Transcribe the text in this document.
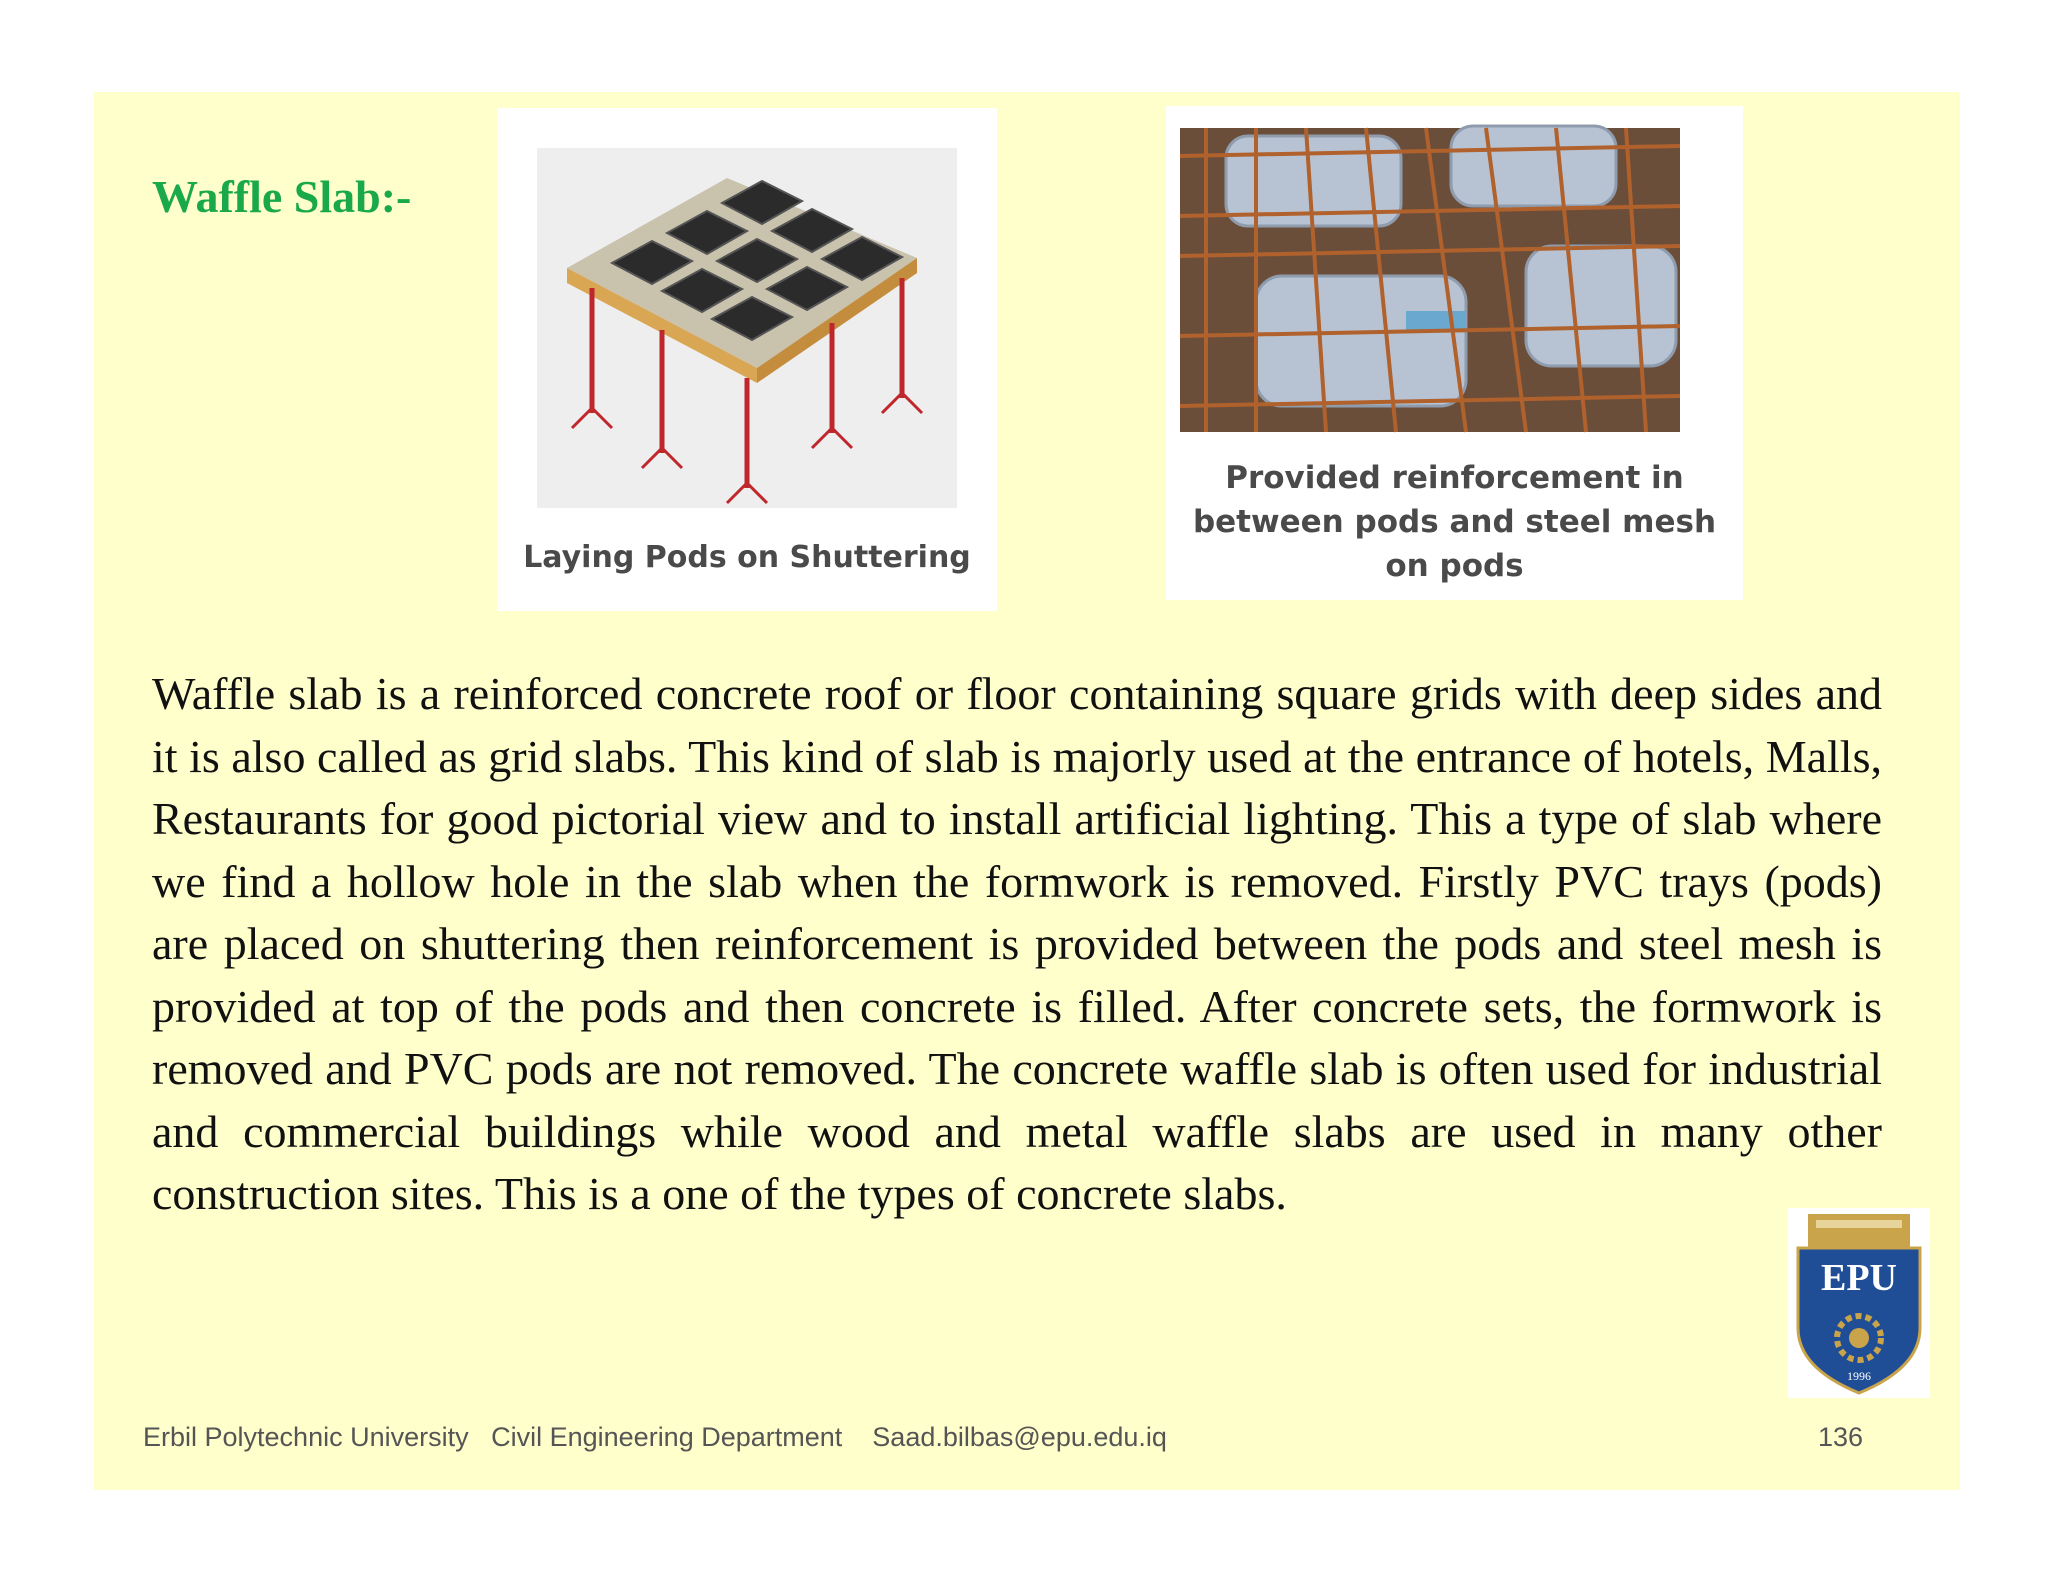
Waffle Slab:-
Laying Pods on Shuttering
Provided reinforcement in
between pods and steel mesh
on pods

Waffle slab is a reinforced concrete roof or floor containing square grids with deep sides and it is also called as grid slabs. This kind of slab is majorly used at the entrance of hotels, Malls, Restaurants for good pictorial view and to install artificial lighting. This a type of slab where we find a hollow hole in the slab when the formwork is removed. Firstly PVC trays (pods) are placed on shuttering then reinforcement is provided between the pods and steel mesh is provided at top of the pods and then concrete is filled. After concrete sets, the formwork is removed and PVC pods are not removed. The concrete waffle slab is often used for industrial and commercial buildings while wood and metal waffle slabs are used in many other construction sites. This is a one of the types of concrete slabs.

EPU
1996
Erbil Polytechnic University   Civil Engineering Department    Saad.bilbas@epu.edu.iq	136
